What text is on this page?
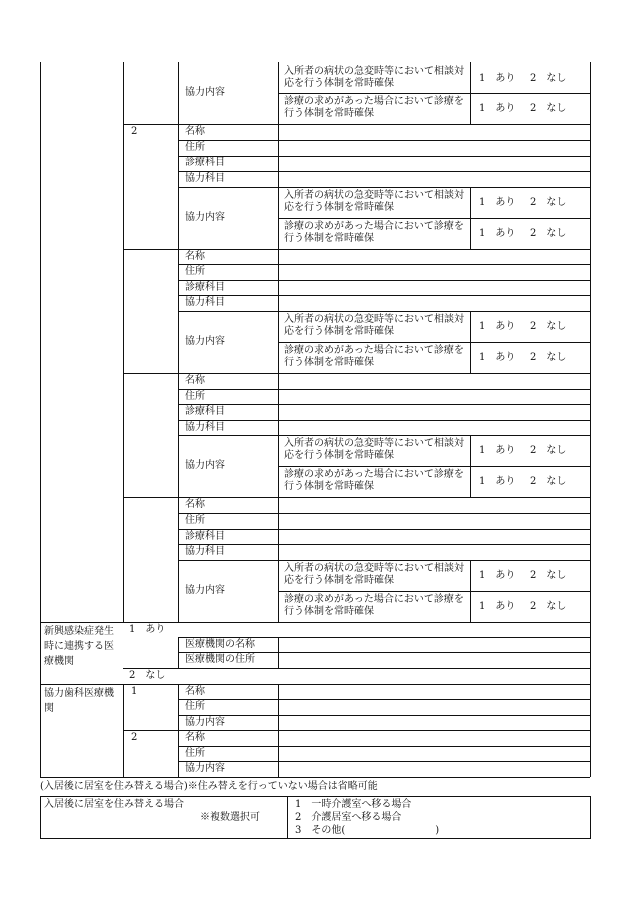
協力内容
入所者の病状の急変時等において相談対応を行う体制を常時確保	1　あり 2　なし
診療の求めがあった場合において診療を行う体制を常時確保	1　あり 2　なし
2	名称
住所
診療科目
協力科目
協力内容
入所者の病状の急変時等において相談対応を行う体制を常時確保	1　あり 2　なし
診療の求めがあった場合において診療を行う体制を常時確保	1　あり 2　なし
名称
住所
診療科目
協力科目
協力内容
入所者の病状の急変時等において相談対応を行う体制を常時確保	1　あり 2　なし
診療の求めがあった場合において診療を行う体制を常時確保	1　あり 2　なし
名称
住所
診療科目
協力科目
協力内容
入所者の病状の急変時等において相談対応を行う体制を常時確保	1　あり 2　なし
診療の求めがあった場合において診療を行う体制を常時確保	1　あり 2　なし
名称
住所
診療科目
協力科目
協力内容
入所者の病状の急変時等において相談対応を行う体制を常時確保	1　あり 2　なし
診療の求めがあった場合において診療を行う体制を常時確保	1　あり 2　なし
新興感染症発生時に連携する医療機関
1　あり
医療機関の名称
医療機関の住所
2　なし
協力歯科医療機関
1	名称
住所
協力内容
2	名称
住所
協力内容
(入居後に居室を住み替える場合)※住み替えを行っていない場合は省略可能
入居後に居室を住み替える場合
※複数選択可
1　一時介護室へ移る場合
2　介護居室へ移る場合
3　その他(　　　　　　　　　)
